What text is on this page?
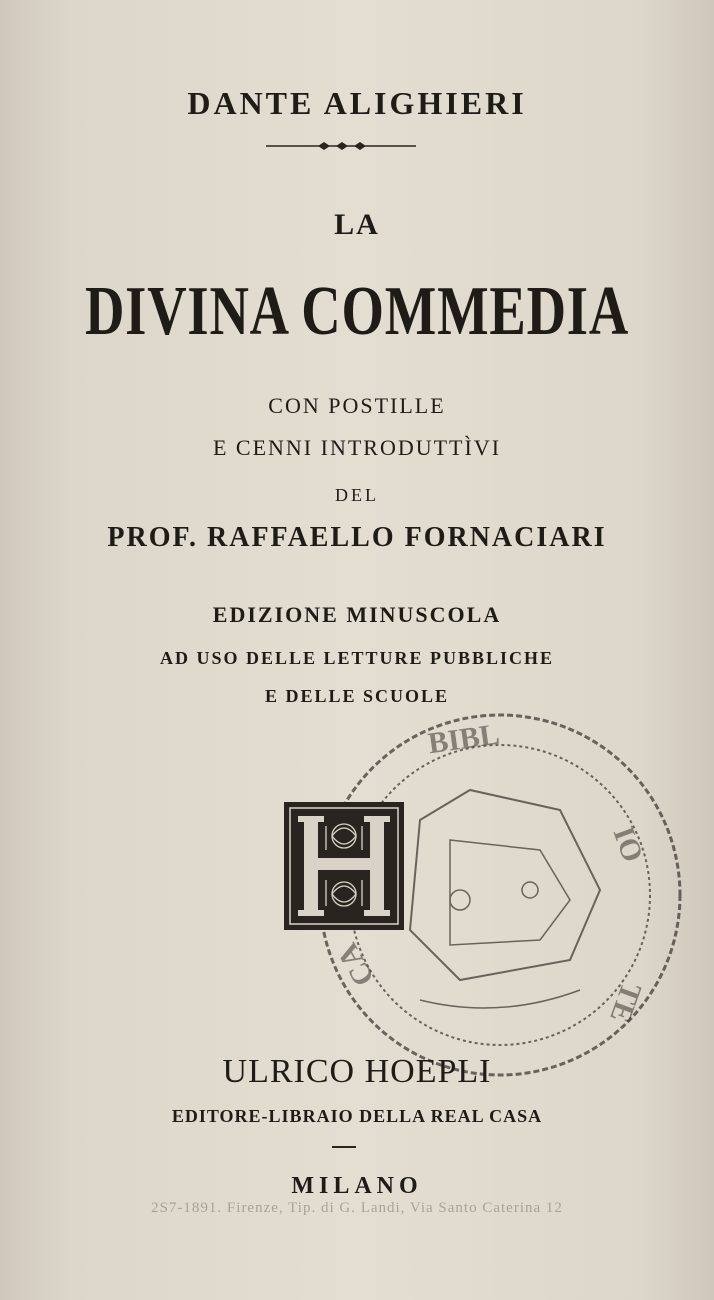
DANTE ALIGHIERI
LA
DIVINA COMMEDIA
CON POSTILLE
E CENNI INTRODUTTÌVI
DEL
PROF. RAFFAELLO FORNACIARI
EDIZIONE MINUSCOLA
AD USO DELLE LETTURE PUBBLICHE
E DELLE SCUOLE
BIBL
IO
TE
CA
ULRICO HOEPLI
EDITORE-LIBRAIO DELLA REAL CASA
MILANO
2S7-1891. Firenze, Tip. di G. Landi, Via Santo Caterina 12
